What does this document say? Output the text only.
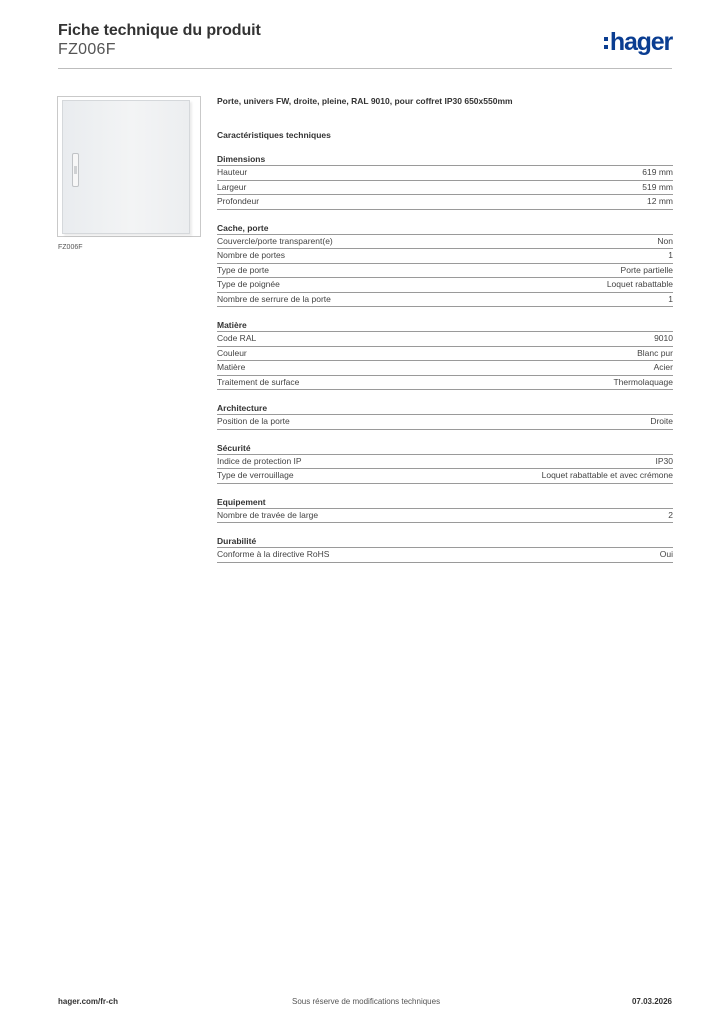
Fiche technique du produit
FZ006F	hager
FZ006F
Porte, univers FW, droite, pleine, RAL 9010, pour coffret IP30 650x550mm
Caractéristiques techniques
Dimensions
Hauteur	619 mm
Largeur	519 mm
Profondeur	12 mm
Cache, porte
Couvercle/porte transparent(e)	Non
Nombre de portes	1
Type de porte	Porte partielle
Type de poignée	Loquet rabattable
Nombre de serrure de la porte	1
Matière
Code RAL	9010
Couleur	Blanc pur
Matière	Acier
Traitement de surface	Thermolaquage
Architecture
Position de la porte	Droite
Sécurité
Indice de protection IP	IP30
Type de verrouillage	Loquet rabattable et avec crémone
Equipement
Nombre de travée de large	2
Durabilité
Conforme à la directive RoHS	Oui
hager.com/fr-ch	Sous réserve de modifications techniques	07.03.2026
